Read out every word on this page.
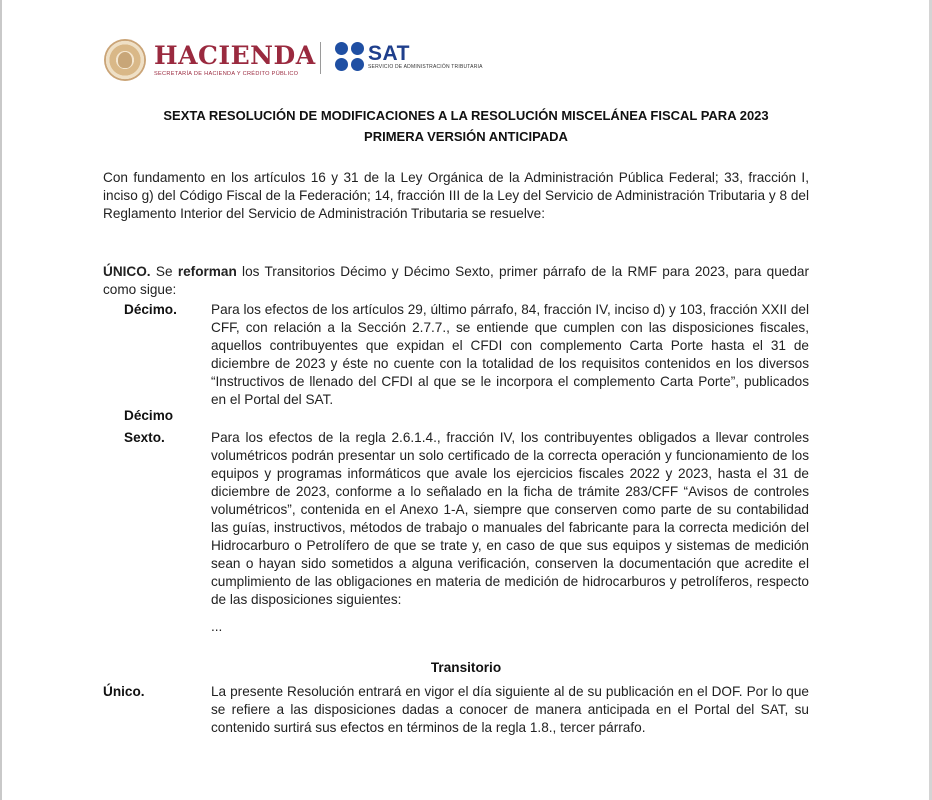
HACIENDA
SECRETARÍA DE HACIENDA Y CRÉDITO PÚBLICO
SAT
SERVICIO DE ADMINISTRACIÓN TRIBUTARIA
SEXTA RESOLUCIÓN DE MODIFICACIONES A LA RESOLUCIÓN MISCELÁNEA FISCAL PARA 2023
PRIMERA VERSIÓN ANTICIPADA
Con fundamento en los artículos 16 y 31 de la Ley Orgánica de la Administración Pública Federal; 33, fracción I, inciso g) del Código Fiscal de la Federación; 14, fracción III de la Ley del Servicio de Administración Tributaria y 8 del Reglamento Interior del Servicio de Administración Tributaria se resuelve:
ÚNICO. Se reforman los Transitorios Décimo y Décimo Sexto, primer párrafo de la RMF para 2023, para quedar como sigue:
Décimo.	Para los efectos de los artículos 29, último párrafo, 84, fracción IV, inciso d) y 103, fracción XXII del CFF, con relación a la Sección 2.7.7., se entiende que cumplen con las disposiciones fiscales, aquellos contribuyentes que expidan el CFDI con complemento Carta Porte hasta el 31 de diciembre de 2023 y éste no cuente con la totalidad de los requisitos contenidos en los diversos “Instructivos de llenado del CFDI al que se le incorpora el complemento Carta Porte”, publicados en el Portal del SAT.
Décimo
Sexto.	Para los efectos de la regla 2.6.1.4., fracción IV, los contribuyentes obligados a llevar controles volumétricos podrán presentar un solo certificado de la correcta operación y funcionamiento de los equipos y programas informáticos que avale los ejercicios fiscales 2022 y 2023, hasta el 31 de diciembre de 2023, conforme a lo señalado en la ficha de trámite 283/CFF “Avisos de controles volumétricos”, contenida en el Anexo 1-A, siempre que conserven como parte de su contabilidad las guías, instructivos, métodos de trabajo o manuales del fabricante para la correcta medición del Hidrocarburo o Petrolífero de que se trate y, en caso de que sus equipos y sistemas de medición sean o hayan sido sometidos a alguna verificación, conserven la documentación que acredite el cumplimiento de las obligaciones en materia de medición de hidrocarburos y petrolíferos, respecto de las disposiciones siguientes:
...
Transitorio
Único.	La presente Resolución entrará en vigor el día siguiente al de su publicación en el DOF. Por lo que se refiere a las disposiciones dadas a conocer de manera anticipada en el Portal del SAT, su contenido surtirá sus efectos en términos de la regla 1.8., tercer párrafo.
